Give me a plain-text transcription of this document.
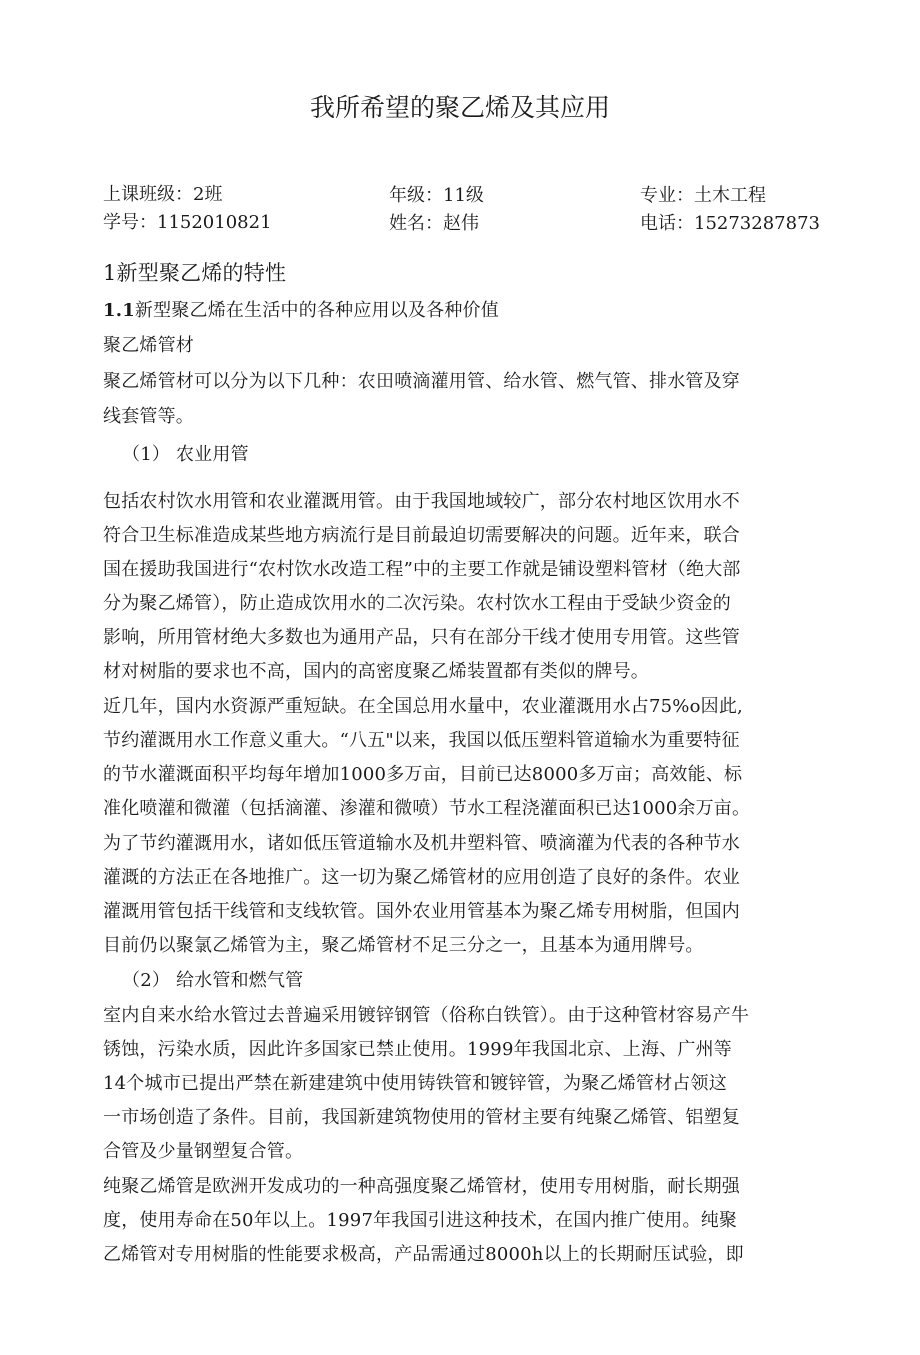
我所希望的聚乙烯及其应用
上课班级：2班	年级：11级	专业：土木工程
学号：1152010821	姓名：赵伟	电话：15273287873
1新型聚乙烯的特性
1.1新型聚乙烯在生活中的各种应用以及各种价值
聚乙烯管材
聚乙烯管材可以分为以下几种：农田喷滴灌用管、给水管、燃气管、排水管及穿
线套管等。
（1） 农业用管
包括农村饮水用管和农业灌溉用管。由于我国地域较广，部分农村地区饮用水不
符合卫生标准造成某些地方病流行是目前最迫切需要解决的问题。近年来，联合
国在援助我国进行“农村饮水改造工程”中的主要工作就是铺设塑料管材（绝大部
分为聚乙烯管），防止造成饮用水的二次污染。农村饮水工程由于受缺少资金的
影响，所用管材绝大多数也为通用产品，只有在部分干线才使用专用管。这些管
材对树脂的要求也不高，国内的高密度聚乙烯装置都有类似的牌号。
近几年，国内水资源严重短缺。在全国总用水量中，农业灌溉用水占75%o因此,
节约灌溉用水工作意义重大。“八五"以来，我国以低压塑料管道输水为重要特征
的节水灌溉面积平均每年增加1000多万亩，目前已达8000多万亩；高效能、标
准化喷灌和微灌（包括滴灌、渗灌和微喷）节水工程浇灌面积已达1000余万亩。
为了节约灌溉用水，诸如低压管道输水及机井塑料管、喷滴灌为代表的各种节水
灌溉的方法正在各地推广。这一切为聚乙烯管材的应用创造了良好的条件。农业
灌溉用管包括干线管和支线软管。国外农业用管基本为聚乙烯专用树脂，但国内
目前仍以聚氯乙烯管为主，聚乙烯管材不足三分之一，且基本为通用牌号。
（2） 给水管和燃气管
室内自来水给水管过去普遍采用镀锌钢管（俗称白铁管）。由于这种管材容易产牛
锈蚀，污染水质，因此许多国家已禁止使用。1999年我国北京、上海、广州等
14个城市已提出严禁在新建建筑中使用铸铁管和镀锌管，为聚乙烯管材占领这
一市场创造了条件。目前，我国新建筑物使用的管材主要有纯聚乙烯管、铝塑复
合管及少量钢塑复合管。
纯聚乙烯管是欧洲开发成功的一种高强度聚乙烯管材，使用专用树脂，耐长期强
度，使用寿命在50年以上。1997年我国引进这种技术，在国内推广使用。纯聚
乙烯管对专用树脂的性能要求极高，产品需通过8000h以上的长期耐压试验，即
